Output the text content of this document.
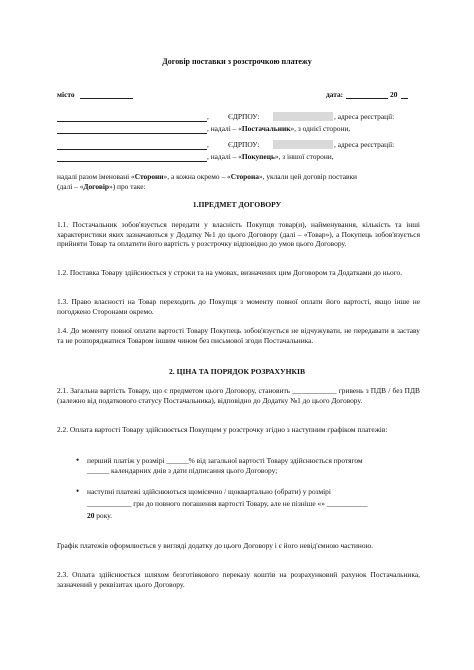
Договір поставки з розстрочкою платежу
місто	дата:	20
,	ЄДРПОУ:	, адреса реєстрації:
, надалі – «Постачальник», з однієї сторони,
,	ЄДРПОУ:	, адреса реєстрації:
, надалі – «Покупець», з іншої сторони,
надалі разом іменовані «Сторони», а кожна окремо – «Сторона», уклали цей договір поставки
(далі – «Договір») про таке:
1.ПРЕДМЕТ ДОГОВОРУ
1.1. Постачальник зобов'язується передати у власність Покупця товар(и), найменування, кількість та інші характеристики яких зазначаються у Додатку №1 до цього Договору (далі – «Товар»), а Покупець зобов'язується прийняти Товар та оплатити його вартість у розстрочку відповідно до умов цього Договору.
1.2. Поставка Товару здійснюється у строки та на умовах, визначених цим Договором та Додатками до нього.
1.3. Право власності на Товар переходить до Покупця з моменту повної оплати його вартості, якщо інше не погоджено Сторонами окремо.
1.4. До моменту повної оплати вартості Товару Покупець зобов'язується не відчужувати, не передавати в заставу та не розпоряджатися Товаром іншим чином без письмової згоди Постачальника.
2. ЦІНА ТА ПОРЯДОК РОЗРАХУНКІВ
2.1. Загальна вартість Товару, що є предметом цього Договору, становить ____________ гривень з ПДВ / без ПДВ (залежно від податкового статусу Постачальника), відповідно до Додатку №1 до цього Договору.
2.2. Оплата вартості Товару здійснюється Покупцем у розстрочку згідно з наступним графіком платежів:
• перший платіж у розмірі ______% від загальної вартості Товару здійснюється протягом
______ календарних днів з дати підписання цього Договору;
• наступні платежі здійснюються щомісячно / щоквартально (обрати) у розмірі
____________ грн до повного погашення вартості Товару, але не пізніше «» ___________
20 року.
Графік платежів оформлюється у вигляді додатку до цього Договору і є його невід'ємною частиною.
2.3. Оплата здійснюється шляхом безготівкового переказу коштів на розрахунковий рахунок Постачальника, зазначений у реквізитах цього Договору.
